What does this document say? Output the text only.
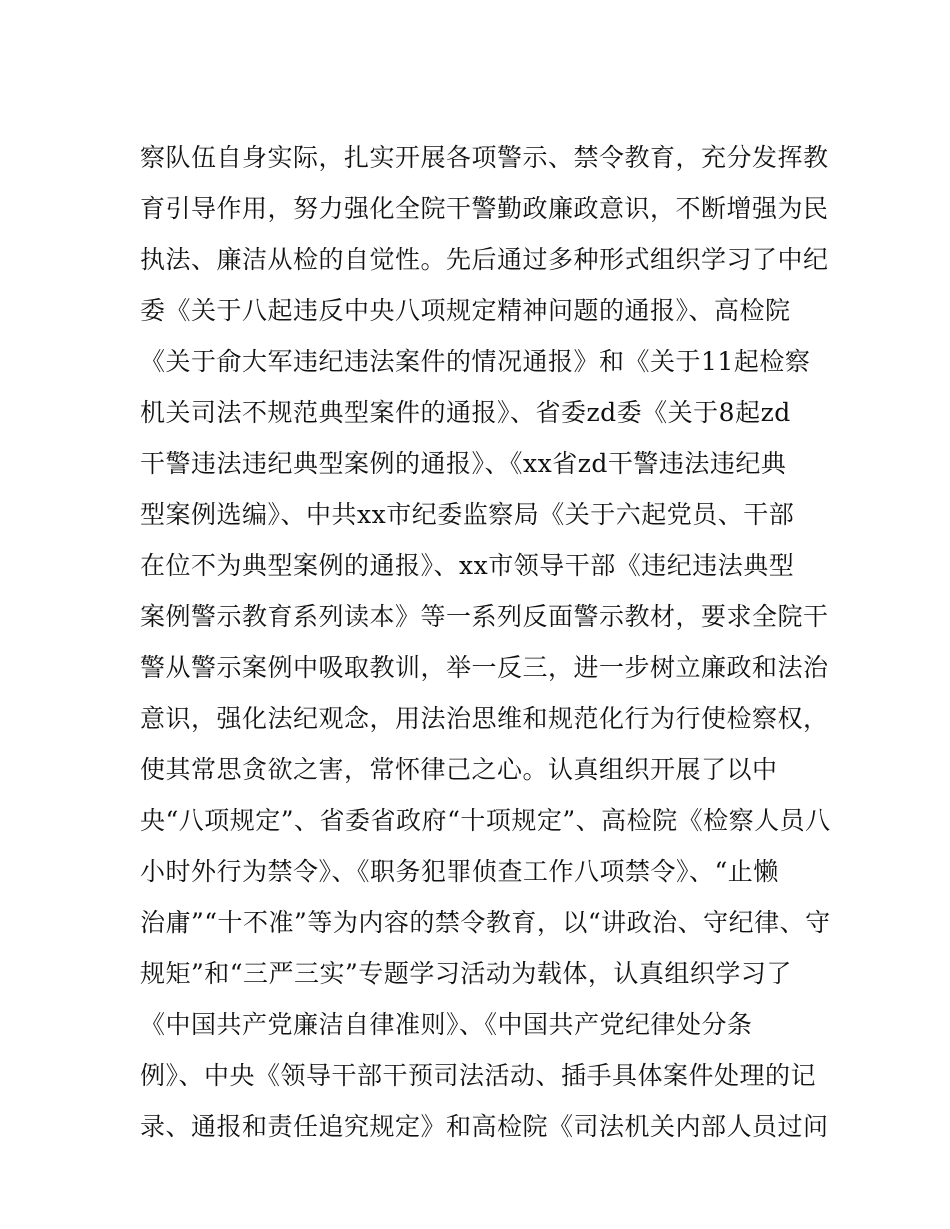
察队伍自身实际，扎实开展各项警示、禁令教育，充分发挥教
育引导作用，努力强化全院干警勤政廉政意识，不断增强为民
执法、廉洁从检的自觉性。先后通过多种形式组织学习了中纪
委《关于八起违反中央八项规定精神问题的通报》、高检院
《关于俞大军违纪违法案件的情况通报》和《关于11起检察
机关司法不规范典型案件的通报》、省委zd委《关于8起zd
干警违法违纪典型案例的通报》、《xx省zd干警违法违纪典
型案例选编》、中共xx市纪委监察局《关于六起党员、干部
在位不为典型案例的通报》、xx市领导干部《违纪违法典型
案例警示教育系列读本》等一系列反面警示教材，要求全院干
警从警示案例中吸取教训，举一反三，进一步树立廉政和法治
意识，强化法纪观念，用法治思维和规范化行为行使检察权，
使其常思贪欲之害，常怀律己之心。认真组织开展了以中
央“八项规定”、省委省政府“十项规定”、高检院《检察人员八
小时外行为禁令》、《职务犯罪侦查工作八项禁令》、“止懒
治庸”“十不准”等为内容的禁令教育，以“讲政治、守纪律、守
规矩”和“三严三实”专题学习活动为载体，认真组织学习了
《中国共产党廉洁自律准则》、《中国共产党纪律处分条
例》、中央《领导干部干预司法活动、插手具体案件处理的记
录、通报和责任追究规定》和高检院《司法机关内部人员过问
